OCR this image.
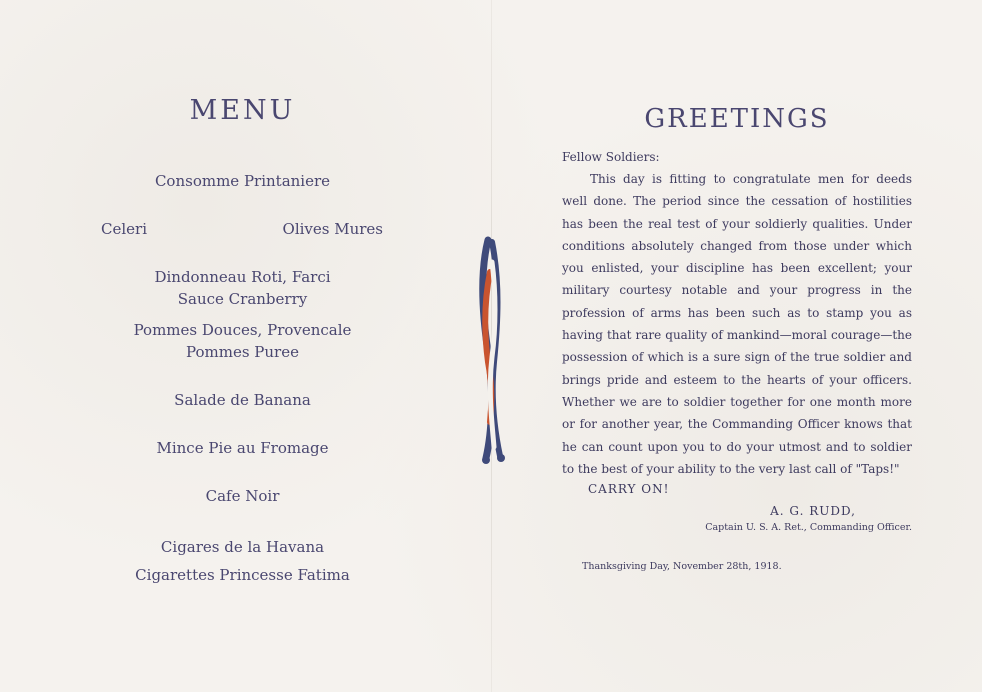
MENU
Consomme Printaniere
Celeri	Olives Mures
Dindonneau Roti, Farci
Sauce Cranberry
Pommes Douces, Provencale
Pommes Puree
Salade de Banana
Mince Pie au Fromage
Cafe Noir
Cigares de la Havana
Cigarettes Princesse Fatima
GREETINGS

Fellow Soldiers:

This day is fitting to congratulate men for deeds well done. The period since the cessation of hostilities has been the real test of your soldierly qualities. Under conditions absolutely changed from those under which you enlisted, your discipline has been excellent; your military courtesy notable and your progress in the profession of arms has been such as to stamp you as having that rare quality of mankind—moral courage—the possession of which is a sure sign of the true soldier and brings pride and esteem to the hearts of your officers. Whether we are to soldier together for one month more or for another year, the Commanding Officer knows that he can count upon you to do your utmost and to soldier to the best of your ability to the very last call of "Taps!"

CARRY ON!

A. G. RUDD,

Captain U. S. A. Ret., Commanding Officer.

Thanksgiving Day, November 28th, 1918.
